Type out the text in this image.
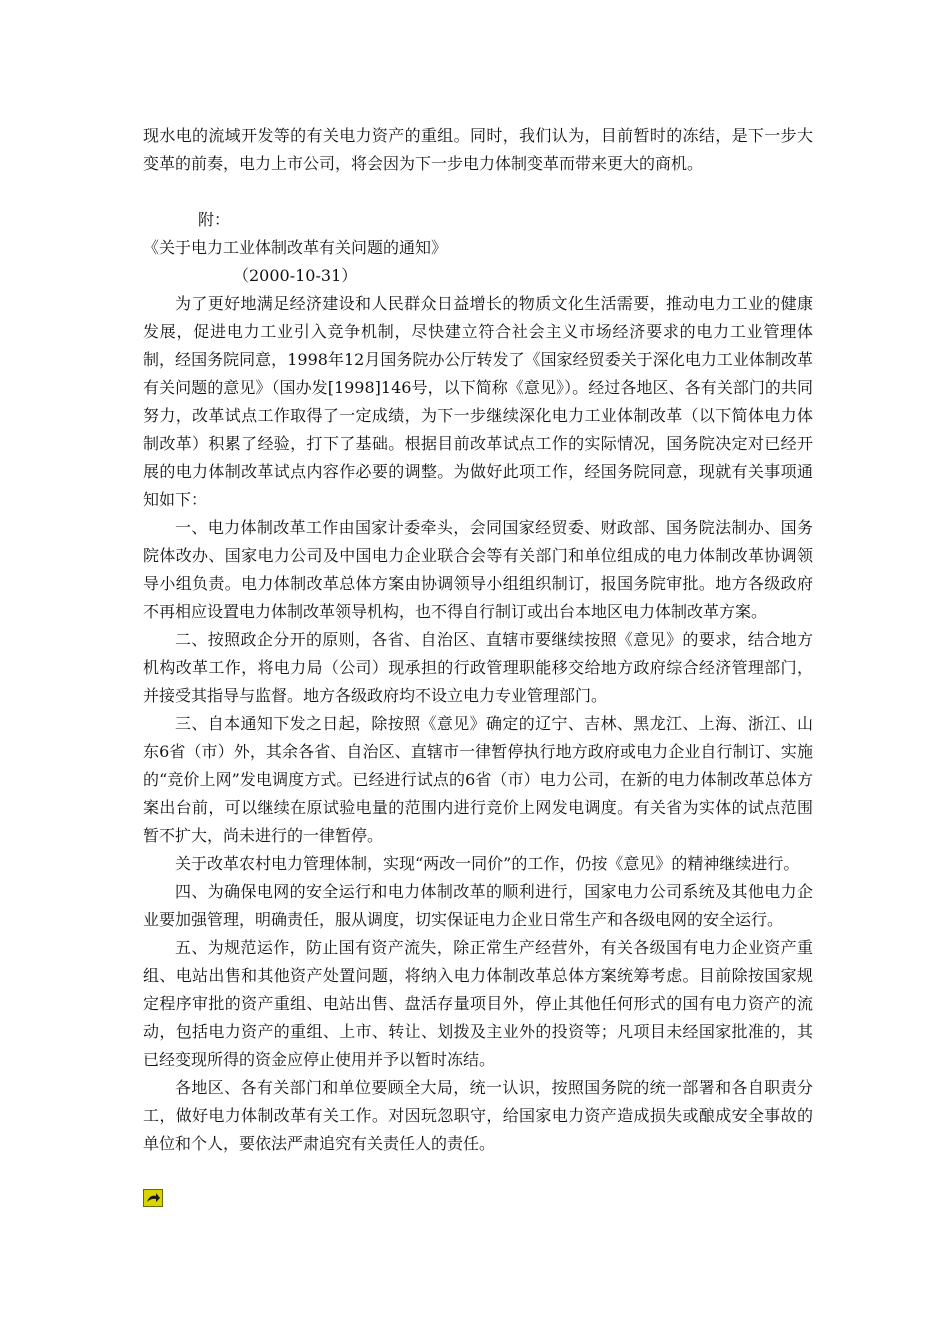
现水电的流域开发等的有关电力资产的重组。同时，我们认为，目前暂时的冻结，是下一步大变革的前奏，电力上市公司，将会因为下一步电力体制变革而带来更大的商机。

附：

《关于电力工业体制改革有关问题的通知》

（2000-10-31）

为了更好地满足经济建设和人民群众日益增长的物质文化生活需要，推动电力工业的健康发展，促进电力工业引入竞争机制，尽快建立符合社会主义市场经济要求的电力工业管理体制，经国务院同意，1998年12月国务院办公厅转发了《国家经贸委关于深化电力工业体制改革有关问题的意见》（国办发[1998]146号，以下简称《意见》）。经过各地区、各有关部门的共同努力，改革试点工作取得了一定成绩，为下一步继续深化电力工业体制改革（以下简体电力体制改革）积累了经验，打下了基础。根据目前改革试点工作的实际情况，国务院决定对已经开展的电力体制改革试点内容作必要的调整。为做好此项工作，经国务院同意，现就有关事项通知如下：

一、电力体制改革工作由国家计委牵头，会同国家经贸委、财政部、国务院法制办、国务院体改办、国家电力公司及中国电力企业联合会等有关部门和单位组成的电力体制改革协调领导小组负责。电力体制改革总体方案由协调领导小组组织制订，报国务院审批。地方各级政府不再相应设置电力体制改革领导机构，也不得自行制订或出台本地区电力体制改革方案。

二、按照政企分开的原则，各省、自治区、直辖市要继续按照《意见》的要求，结合地方机构改革工作，将电力局（公司）现承担的行政管理职能移交给地方政府综合经济管理部门，并接受其指导与监督。地方各级政府均不设立电力专业管理部门。

三、自本通知下发之日起，除按照《意见》确定的辽宁、吉林、黑龙江、上海、浙江、山东6省（市）外，其余各省、自治区、直辖市一律暂停执行地方政府或电力企业自行制订、实施的“竞价上网”发电调度方式。已经进行试点的6省（市）电力公司，在新的电力体制改革总体方案出台前，可以继续在原试验电量的范围内进行竞价上网发电调度。有关省为实体的试点范围暂不扩大，尚未进行的一律暂停。

关于改革农村电力管理体制，实现“两改一同价”的工作，仍按《意见》的精神继续进行。

四、为确保电网的安全运行和电力体制改革的顺利进行，国家电力公司系统及其他电力企业要加强管理，明确责任，服从调度，切实保证电力企业日常生产和各级电网的安全运行。

五、为规范运作，防止国有资产流失，除正常生产经营外，有关各级国有电力企业资产重组、电站出售和其他资产处置问题，将纳入电力体制改革总体方案统筹考虑。目前除按国家规定程序审批的资产重组、电站出售、盘活存量项目外，停止其他任何形式的国有电力资产的流动，包括电力资产的重组、上市、转让、划拨及主业外的投资等；凡项目未经国家批准的，其已经变现所得的资金应停止使用并予以暂时冻结。

各地区、各有关部门和单位要顾全大局，统一认识，按照国务院的统一部署和各自职责分工，做好电力体制改革有关工作。对因玩忽职守，给国家电力资产造成损失或酿成安全事故的单位和个人，要依法严肃追究有关责任人的责任。
